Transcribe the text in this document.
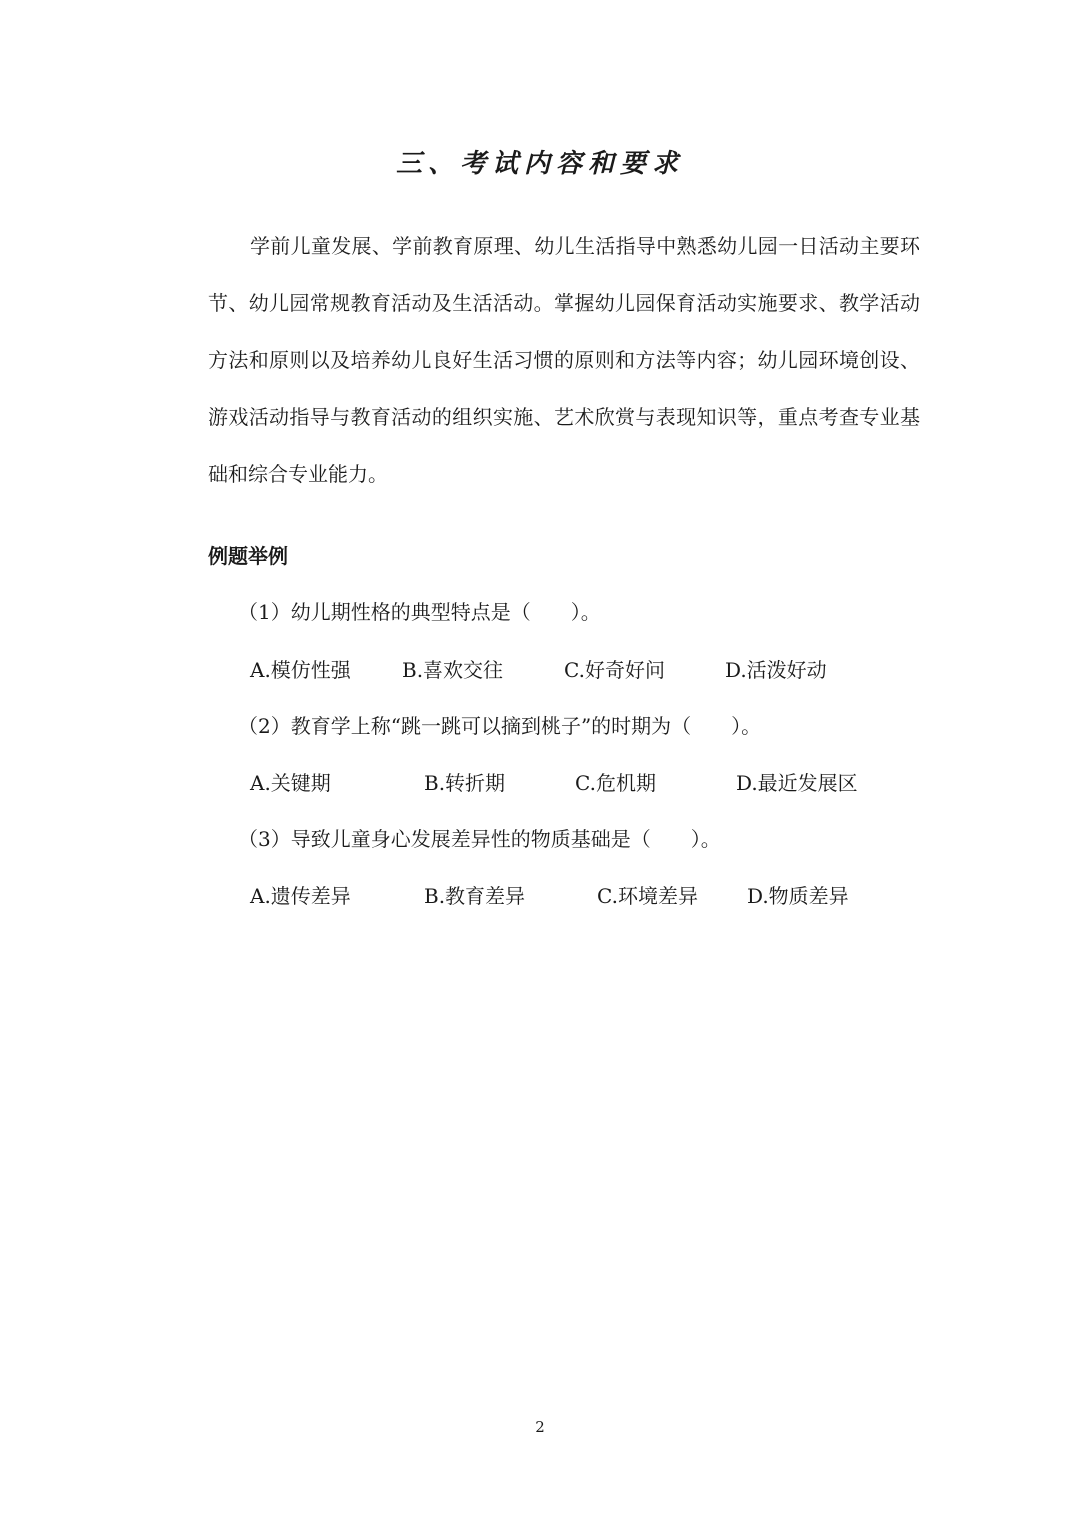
三、考试内容和要求

学前儿童发展、学前教育原理、幼儿生活指导中熟悉幼儿园一日活动主要环节、幼儿园常规教育活动及生活活动。掌握幼儿园保育活动实施要求、教学活动方法和原则以及培养幼儿良好生活习惯的原则和方法等内容；幼儿园环境创设、游戏活动指导与教育活动的组织实施、艺术欣赏与表现知识等，重点考查专业基础和综合专业能力。

例题举例
（1）幼儿期性格的典型特点是（　　）。
A.模仿性强	B.喜欢交往	C.好奇好问	D.活泼好动
（2）教育学上称“跳一跳可以摘到桃子”的时期为（　　）。
A.关键期	B.转折期	C.危机期	D.最近发展区
（3）导致儿童身心发展差异性的物质基础是（　　）。
A.遗传差异	B.教育差异	C.环境差异 D.物质差异
2
